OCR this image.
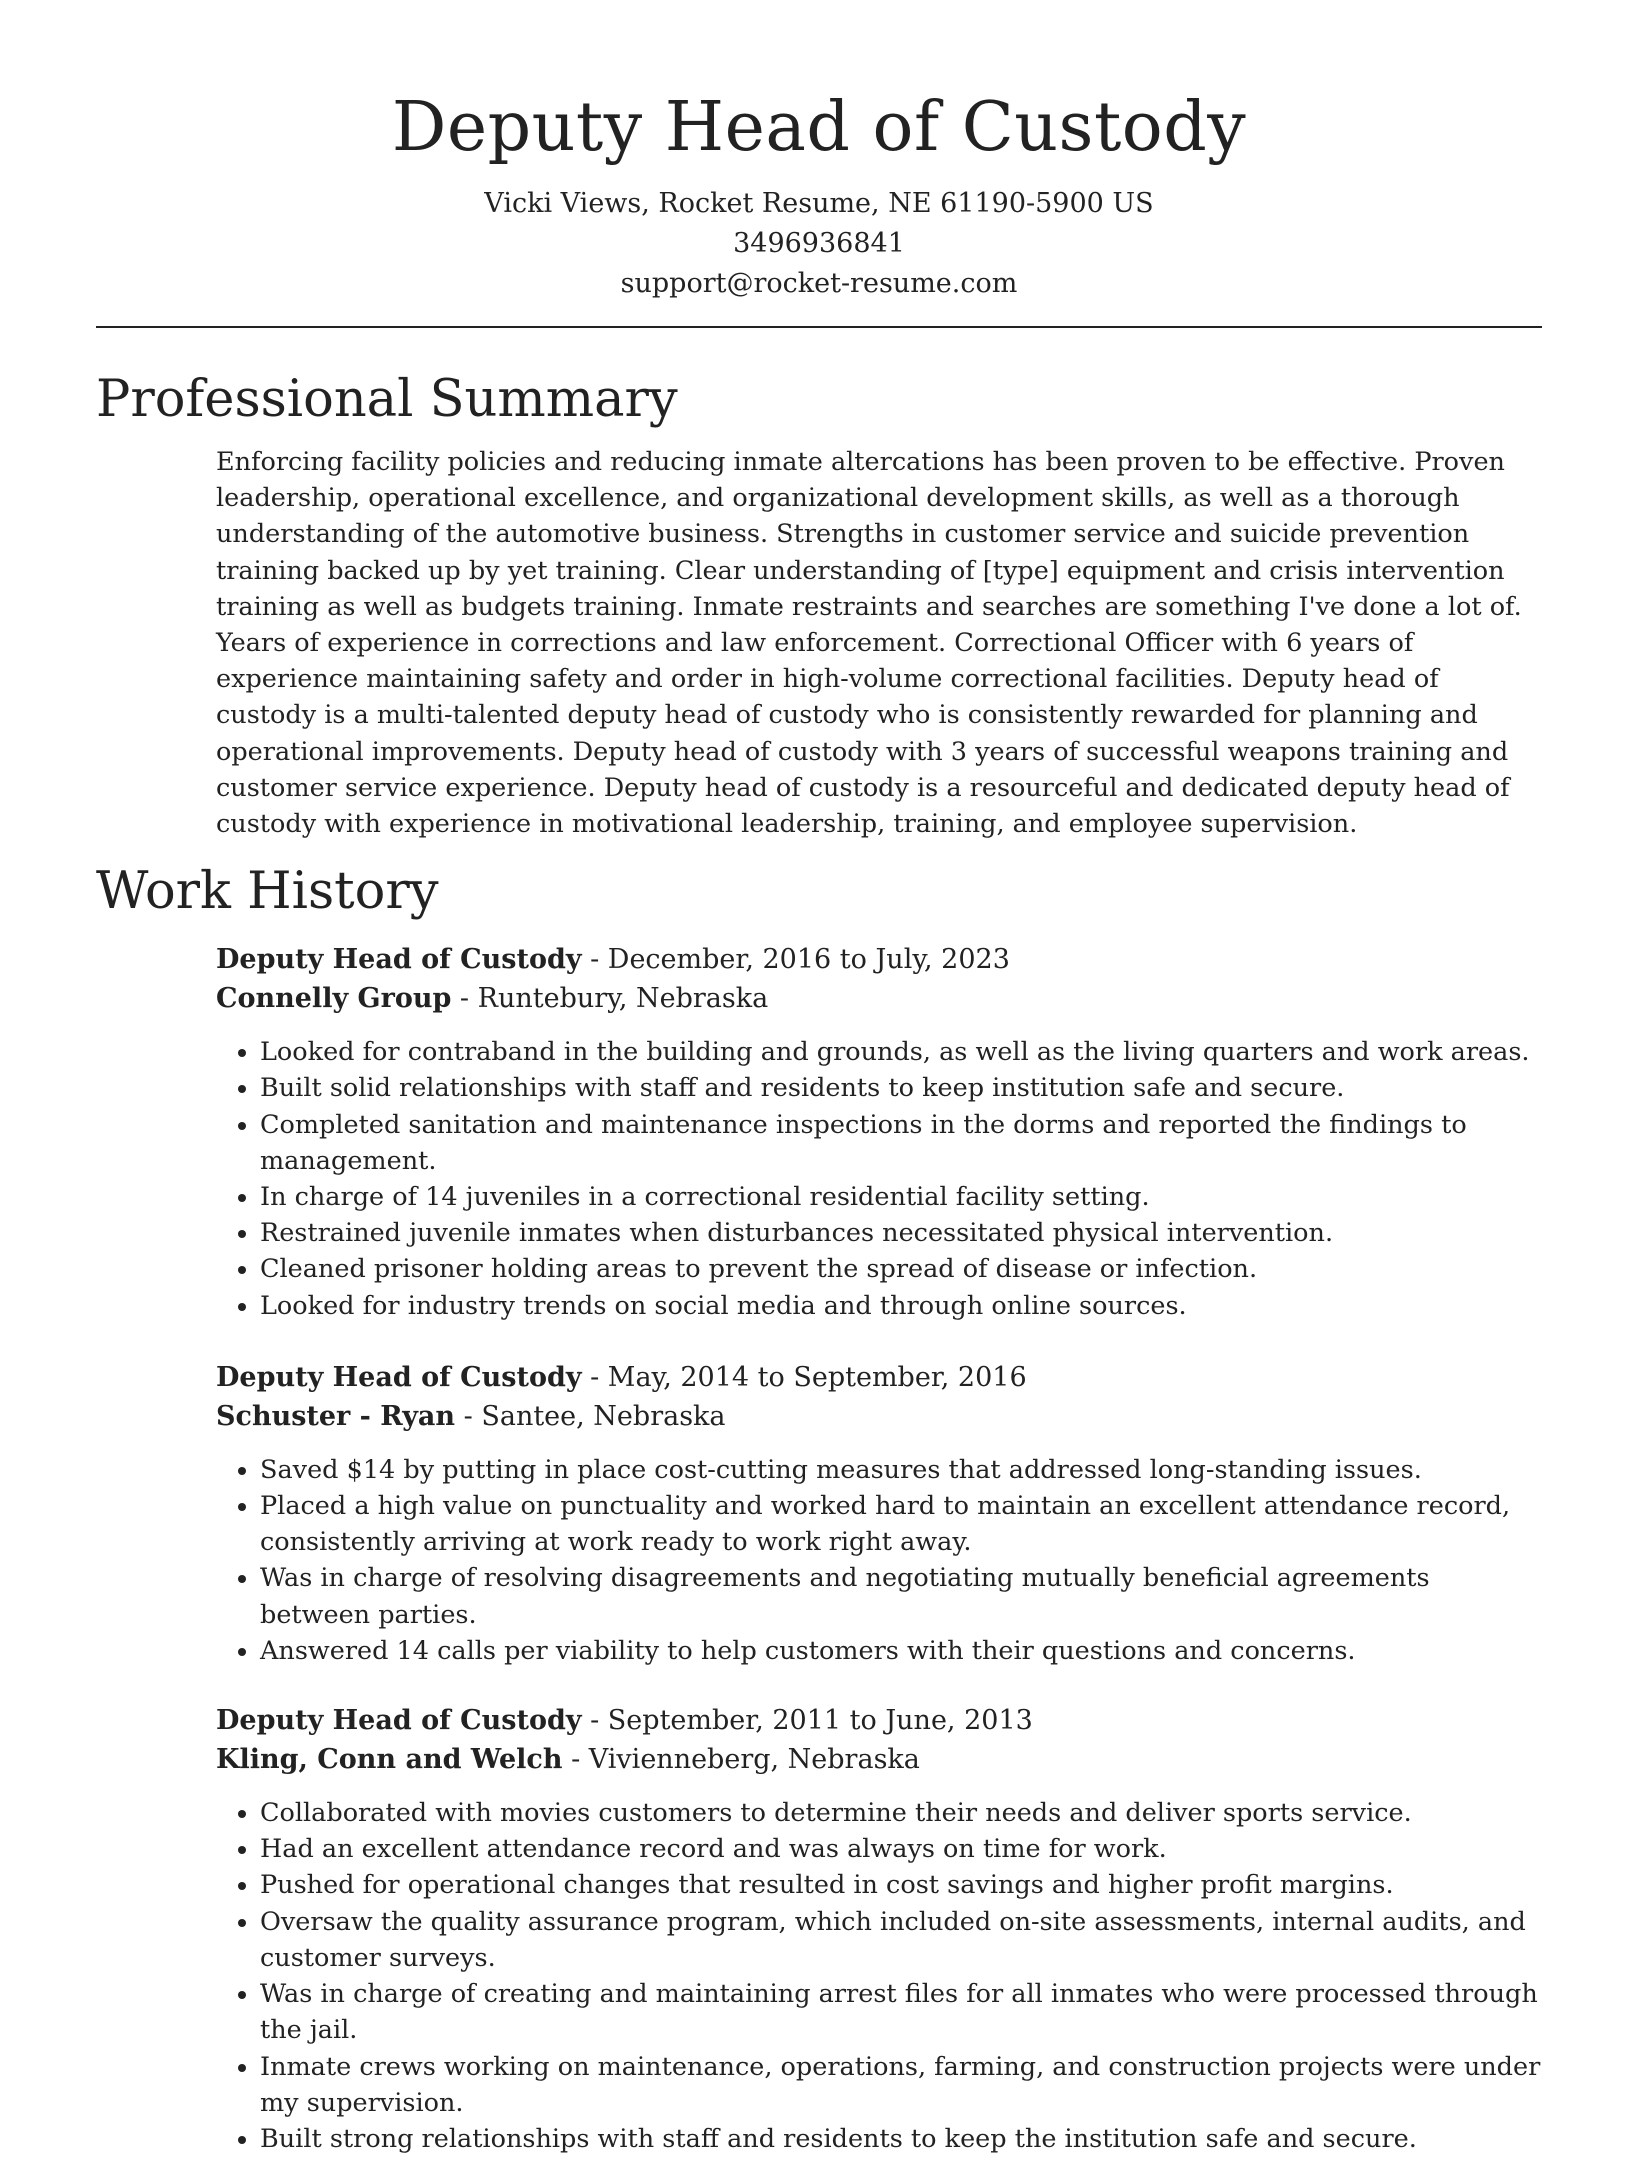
Deputy Head of Custody
Vicki Views, Rocket Resume, NE 61190-5900 US
3496936841
support@rocket-resume.com
Professional Summary
Enforcing facility policies and reducing inmate altercations has been proven to be effective. Proven leadership, operational excellence, and organizational development skills, as well as a thorough understanding of the automotive business. Strengths in customer service and suicide prevention training backed up by yet training. Clear understanding of [type] equipment and crisis intervention training as well as budgets training. Inmate restraints and searches are something I've done a lot of. Years of experience in corrections and law enforcement. Correctional Officer with 6 years of experience maintaining safety and order in high-volume correctional facilities. Deputy head of custody is a multi-talented deputy head of custody who is consistently rewarded for planning and operational improvements. Deputy head of custody with 3 years of successful weapons training and customer service experience. Deputy head of custody is a resourceful and dedicated deputy head of custody with experience in motivational leadership, training, and employee supervision.
Work History
Deputy Head of Custody - December, 2016 to July, 2023
Connelly Group - Runtebury, Nebraska
• Looked for contraband in the building and grounds, as well as the living quarters and work areas.
• Built solid relationships with staff and residents to keep institution safe and secure.
• Completed sanitation and maintenance inspections in the dorms and reported the findings to management.
• In charge of 14 juveniles in a correctional residential facility setting.
• Restrained juvenile inmates when disturbances necessitated physical intervention.
• Cleaned prisoner holding areas to prevent the spread of disease or infection.
• Looked for industry trends on social media and through online sources.
Deputy Head of Custody - May, 2014 to September, 2016
Schuster - Ryan - Santee, Nebraska
• Saved $14 by putting in place cost-cutting measures that addressed long-standing issues.
• Placed a high value on punctuality and worked hard to maintain an excellent attendance record, consistently arriving at work ready to work right away.
• Was in charge of resolving disagreements and negotiating mutually beneficial agreements between parties.
• Answered 14 calls per viability to help customers with their questions and concerns.
Deputy Head of Custody - September, 2011 to June, 2013
Kling, Conn and Welch - Vivienneberg, Nebraska
• Collaborated with movies customers to determine their needs and deliver sports service.
• Had an excellent attendance record and was always on time for work.
• Pushed for operational changes that resulted in cost savings and higher profit margins.
• Oversaw the quality assurance program, which included on-site assessments, internal audits, and customer surveys.
• Was in charge of creating and maintaining arrest files for all inmates who were processed through the jail.
• Inmate crews working on maintenance, operations, farming, and construction projects were under my supervision.
• Built strong relationships with staff and residents to keep the institution safe and secure.
